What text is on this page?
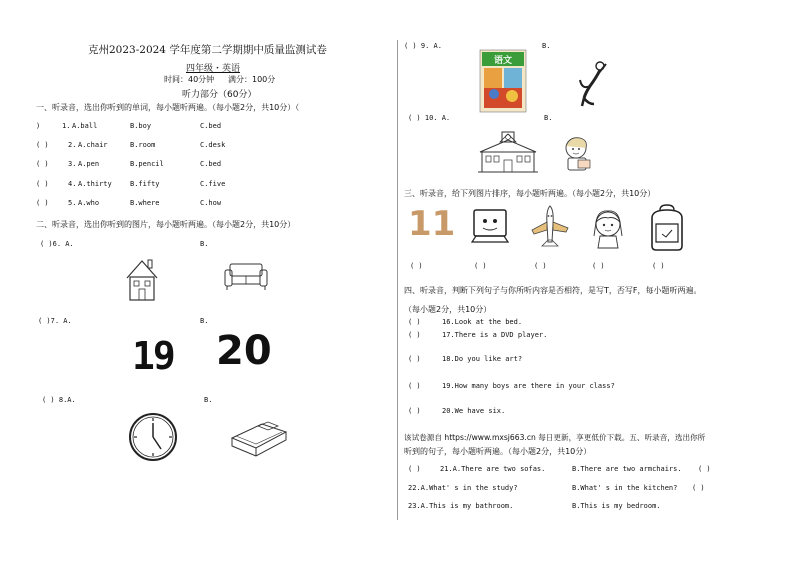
克州2023-2024 学年度第二学期期中质量监测试卷
四年级・英语
时间：40分钟 满分：100分
听力部分（60分）
一、听录音，选出你听到的单词，每小题听两遍。（每小题2分，共10分）（
)	1. A.ball	B.boy	C.bed
( )	2. A.chair	B.room	C.desk
( )	3. A.pen	B.pencil	C.bed
( )	4. A.thirty	B.fifty	C.five
( )	5. A.who	B.where	C.how
二、听录音，选出你听到的图片，每小题听两遍。（每小题2分，共10分）
( )6. A.	B.
( )7. A.	B.
19 20
( ) 8.A.	B.
( ) 9. A.	B.
语文
( ) 10. A.	B.
三、听录音，给下列图片排序，每小题听两遍。（每小题2分，共10分）
11
( )	( )	( )	( )	( )
四、听录音，判断下列句子与你所听内容是否相符，是写T，否写F，每小题听两遍。
（每小题2分，共10分）
( )	16.Look at the bed.
( )	17.There is a DVD player.
( )	18.Do you like art?
( )	19.How many boys are there in your class?
( )	20.We have six.
该试卷源自 https://www.mxsj663.cn 每日更新，享更低价下载。五、听录音，选出你所
听到的句子，每小题听两遍。（每小题2分，共10分）
( )	21.A.There are two sofas.	B.There are two armchairs. ( )
22.A.What' s in the study?	B.What' s in the kitchen? ( )
23.A.This is my bathroom.	B.This is my bedroom.
